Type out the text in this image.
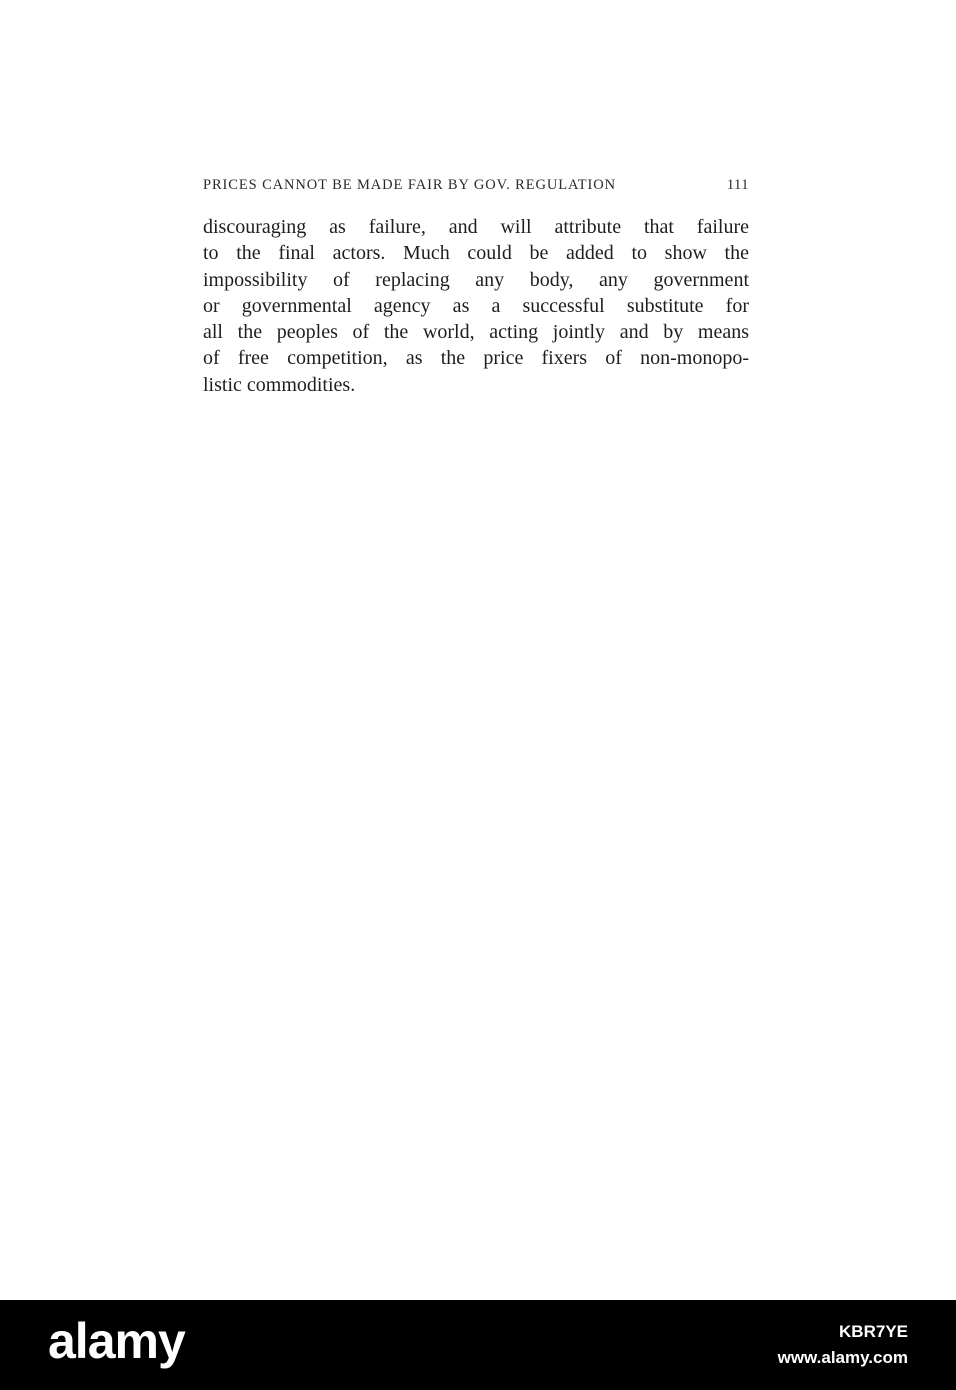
PRICES CANNOT BE MADE FAIR BY GOV. REGULATION	111
discouraging as failure, and will attribute that failure
to the final actors. Much could be added to show the
impossibility of replacing any body, any government
or governmental agency as a successful substitute for
all the peoples of the world, acting jointly and by means
of free competition, as the price fixers of non-monopo-
listic commodities.
alamy	KBR7YE
www.alamy.com
